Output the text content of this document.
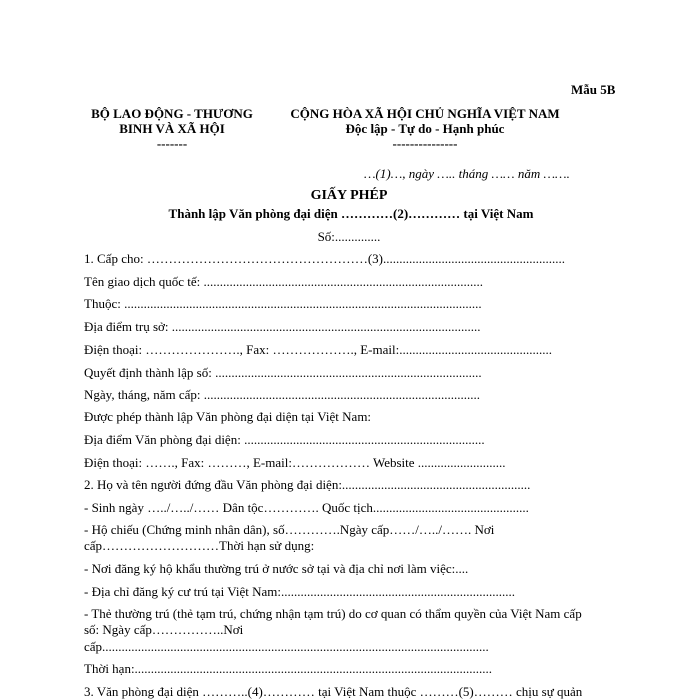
Mẫu 5B
BỘ LAO ĐỘNG - THƯƠNG
BINH VÀ XÃ HỘI
-------
CỘNG HÒA XÃ HỘI CHỦ NGHĨA VIỆT NAM
Độc lập - Tự do - Hạnh phúc
---------------
…(1)…, ngày ….. tháng …… năm …….
GIẤY PHÉP
Thành lập Văn phòng đại diện …………(2)………… tại Việt Nam
Số:..............
1. Cấp cho: ……………………………………………(3)........................................................
Tên giao dịch quốc tế: ......................................................................................
Thuộc: ..............................................................................................................
Địa điểm trụ sở: ...............................................................................................
Điện thoại: …………………., Fax: ………………., E-mail:...............................................
Quyết định thành lập số: ..................................................................................
Ngày, tháng, năm cấp: .....................................................................................
Được phép thành lập Văn phòng đại diện tại Việt Nam:
Địa điểm Văn phòng đại diện: ..........................................................................
Điện thoại: ……., Fax: ………, E-mail:……………… Website ...........................
2. Họ và tên người đứng đầu Văn phòng đại diện:..........................................................
- Sinh ngày …../…../…… Dân tộc…………. Quốc tịch................................................
- Hộ chiếu (Chứng minh nhân dân), số………….Ngày cấp……/…../……. Nơi
cấp………………………Thời hạn sử dụng:
- Nơi đăng ký hộ khẩu thường trú ở nước sở tại và địa chỉ nơi làm việc:....
- Địa chỉ đăng ký cư trú tại Việt Nam:........................................................................
- Thẻ thường trú (thẻ tạm trú, chứng nhận tạm trú) do cơ quan có thẩm quyền của Việt Nam cấp
số: Ngày cấp……………..Nơi
cấp.......................................................................................................................
Thời hạn:..............................................................................................................
3. Văn phòng đại diện ………..(4)………… tại Việt Nam thuộc ………(5)……… chịu sự quản
